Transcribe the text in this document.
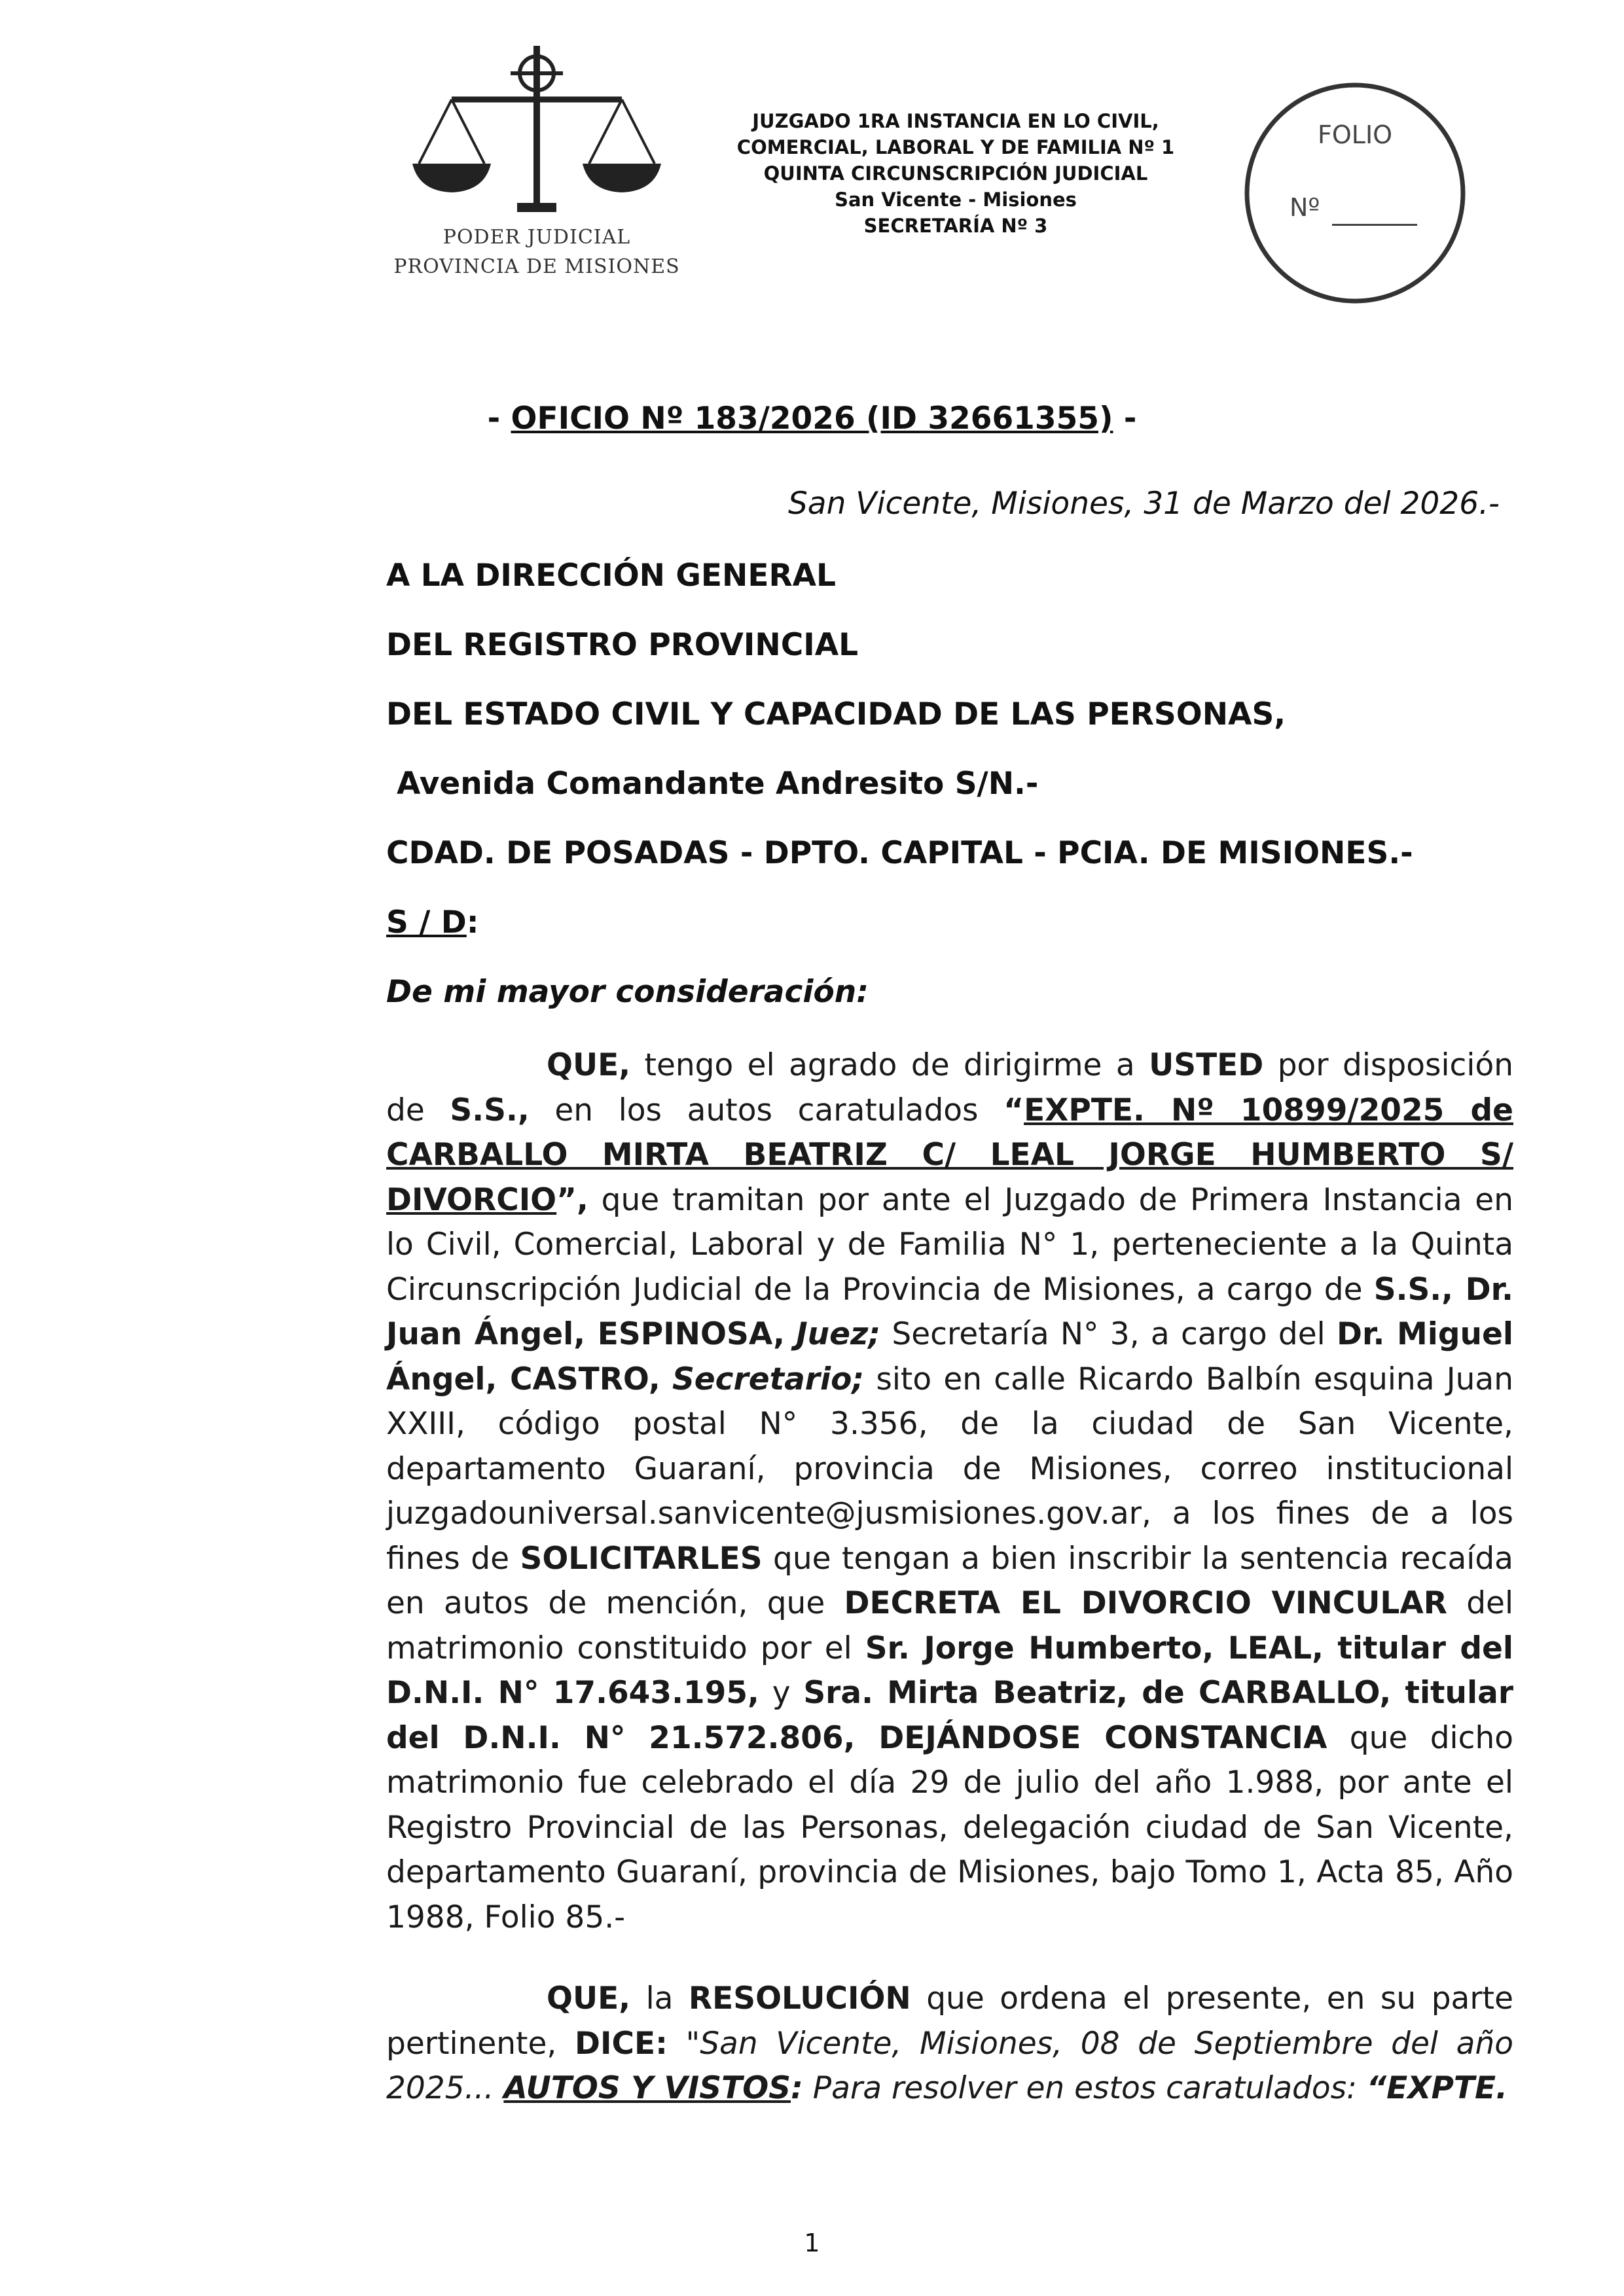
PODER JUDICIAL
PROVINCIA DE MISIONES
JUZGADO 1RA INSTANCIA EN LO CIVIL,
COMERCIAL, LABORAL Y DE FAMILIA Nº 1
QUINTA CIRCUNSCRIPCIÓN JUDICIAL
San Vicente - Misiones
SECRETARÍA Nº 3
FOLIO
Nº
- OFICIO Nº 183/2026 (ID 32661355) -
San Vicente, Misiones, 31 de Marzo del 2026.-
A LA DIRECCIÓN GENERAL
DEL REGISTRO PROVINCIAL
DEL ESTADO CIVIL Y CAPACIDAD DE LAS PERSONAS,
Avenida Comandante Andresito S/N.-
CDAD. DE POSADAS - DPTO. CAPITAL - PCIA. DE MISIONES.-
S / D:
De mi mayor consideración:
QUE, tengo el agrado de dirigirme a USTED por disposición de S.S., en los autos caratulados “EXPTE. Nº 10899/2025 de CARBALLO MIRTA BEATRIZ C/ LEAL JORGE HUMBERTO S/ DIVORCIO”, que tramitan por ante el Juzgado de Primera Instancia en lo Civil, Comercial, Laboral y de Familia N° 1, perteneciente a la Quinta Circunscripción Judicial de la Provincia de Misiones, a cargo de S.S., Dr. Juan Ángel, ESPINOSA, Juez; Secretaría N° 3, a cargo del Dr. Miguel Ángel, CASTRO, Secretario; sito en calle Ricardo Balbín esquina Juan XXIII, código postal N° 3.356, de la ciudad de San Vicente, departamento Guaraní, provincia de Misiones, correo institucional juzgadouniversal.sanvicente@jusmisiones.gov.ar, a los fines de a los fines de SOLICITARLES que tengan a bien inscribir la sentencia recaída en autos de mención, que DECRETA EL DIVORCIO VINCULAR del matrimonio constituido por el Sr. Jorge Humberto, LEAL, titular del D.N.I. N° 17.643.195, y Sra. Mirta Beatriz, de CARBALLO, titular del D.N.I. N° 21.572.806, DEJÁNDOSE CONSTANCIA que dicho matrimonio fue celebrado el día 29 de julio del año 1.988, por ante el Registro Provincial de las Personas, delegación ciudad de San Vicente, departamento Guaraní, provincia de Misiones, bajo Tomo 1, Acta 85, Año 1988, Folio 85.-
QUE, la RESOLUCIÓN que ordena el presente, en su parte pertinente, DICE: "San Vicente, Misiones, 08 de Septiembre del año 2025... AUTOS Y VISTOS: Para resolver en estos caratulados: “EXPTE.
1
